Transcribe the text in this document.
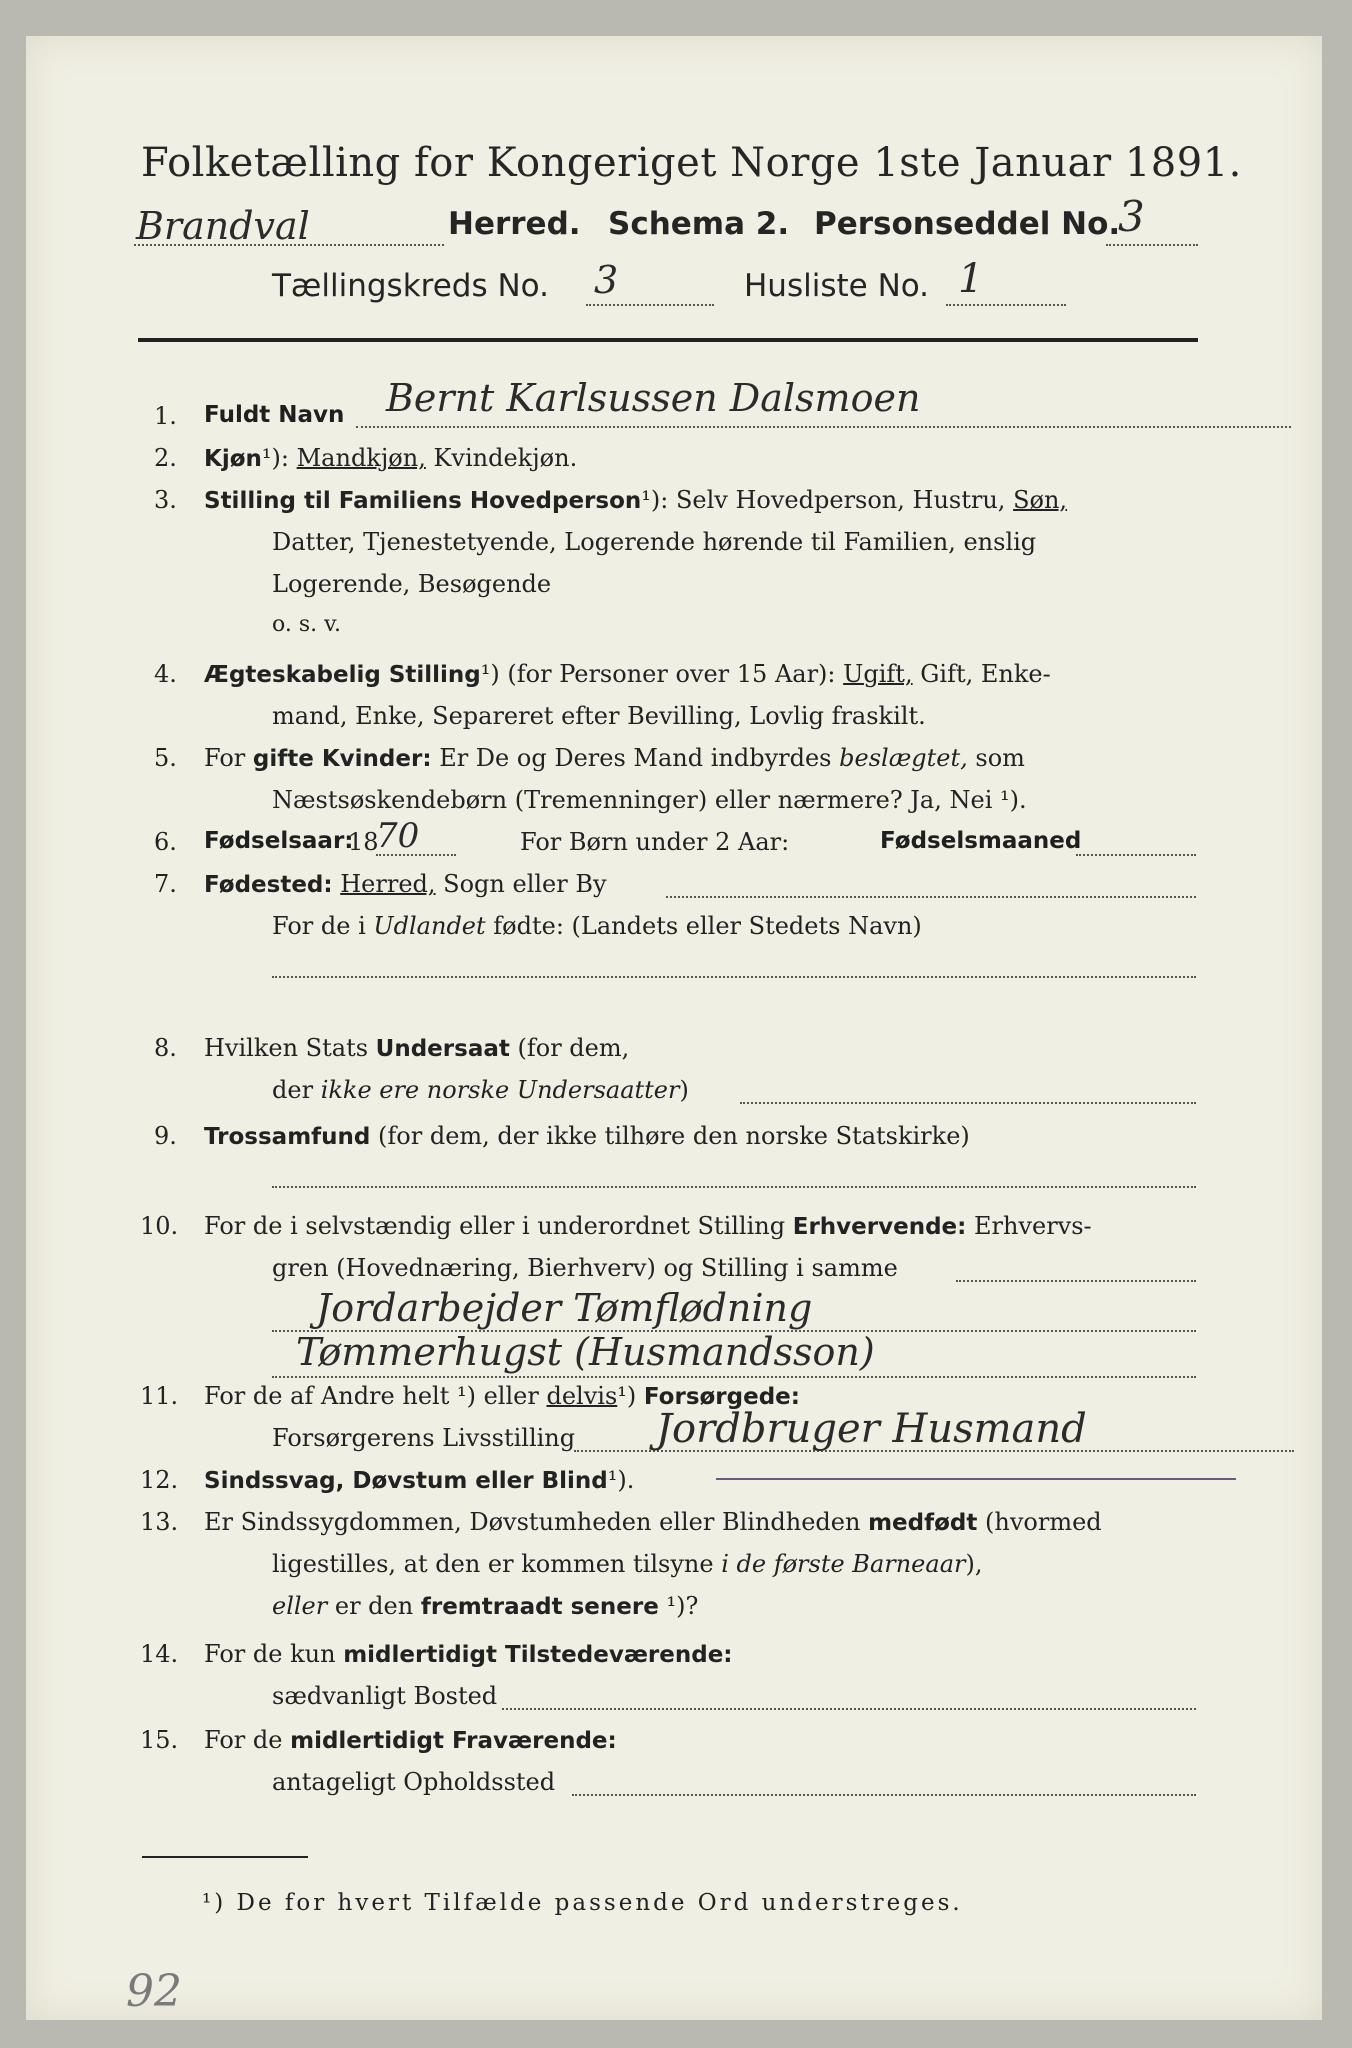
Folketælling for Kongeriget Norge 1ste Januar 1891.
Brandval	Herred. Schema 2. Personseddel No.
3
Tællingskreds No. 3	Husliste No. 1
1. Fuldt Navn Bernt Karlsussen Dalsmoen
2. Kjøn¹): Mandkjøn, Kvindekjøn.
3. Stilling til Familiens Hovedperson¹): Selv Hovedperson, Hustru, Søn,
Datter, Tjenestetyende, Logerende hørende til Familien, enslig
Logerende, Besøgende
o. s. v.
4. Ægteskabelig Stilling¹) (for Personer over 15 Aar): Ugift, Gift, Enke-
mand, Enke, Separeret efter Bevilling, Lovlig fraskilt.
5. For gifte Kvinder: Er De og Deres Mand indbyrdes beslægtet, som
Næstsøskendebørn (Tremenninger) eller nærmere? Ja, Nei ¹).
6. Fødselsaar:
18
70	For Børn under 2 Aar:	Fødselsmaaned
7. Fødested: Herred, Sogn eller By
For de i Udlandet fødte: (Landets eller Stedets Navn)
8. Hvilken Stats Undersaat (for dem,
der ikke ere norske Undersaatter)
9. Trossamfund (for dem, der ikke tilhøre den norske Statskirke)
10. For de i selvstændig eller i underordnet Stilling Erhvervende: Erhvervs-
gren (Hovednæring, Bierhverv) og Stilling i samme
Jordarbejder Tømflødning
Tømmerhugst (Husmandsson)
11. For de af Andre helt ¹) eller delvis¹) Forsørgede:
Forsørgerens Livsstilling Jordbruger Husmand
12. Sindssvag, Døvstum eller Blind¹).
13. Er Sindssygdommen, Døvstumheden eller Blindheden medfødt (hvormed
ligestilles, at den er kommen tilsyne i de første Barneaar),
eller er den fremtraadt senere ¹)?
14. For de kun midlertidigt Tilstedeværende:
sædvanligt Bosted
15. For de midlertidigt Fraværende:
antageligt Opholdssted
¹) De for hvert Tilfælde passende Ord understreges.
92
